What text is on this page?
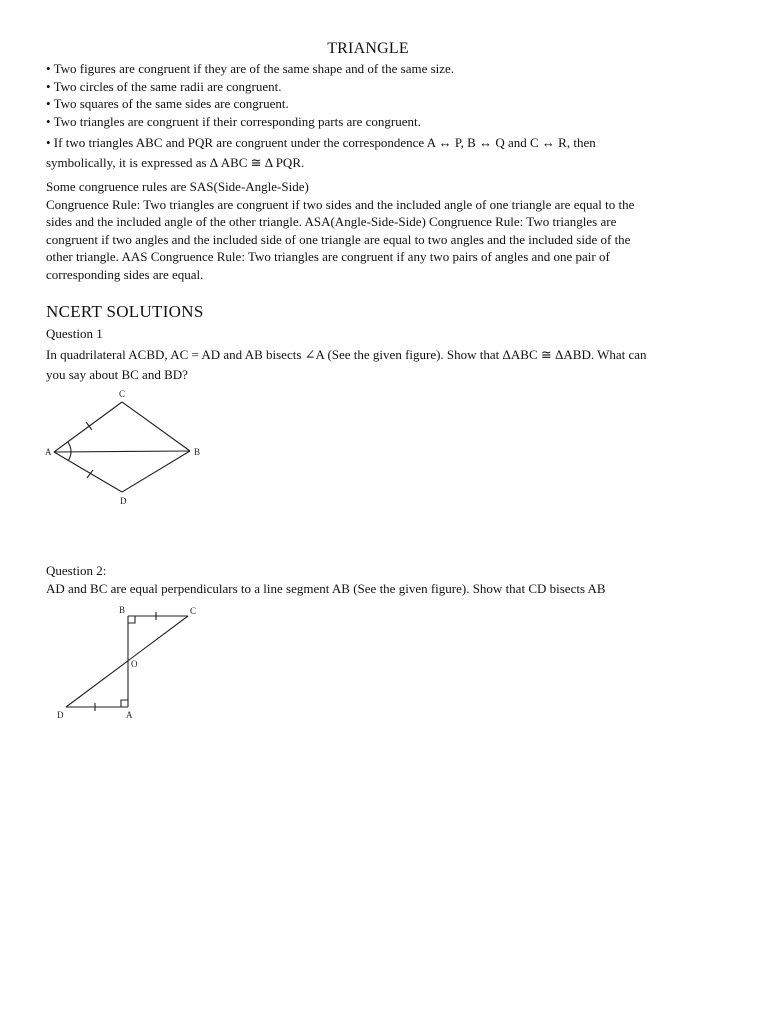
TRIANGLE
• Two figures are congruent if they are of the same shape and of the same size.
• Two circles of the same radii are congruent.
• Two squares of the same sides are congruent.
• Two triangles are congruent if their corresponding parts are congruent.
• If two triangles ABC and PQR are congruent under the correspondence A ↔ P, B ↔ Q and C ↔ R, then
symbolically, it is expressed as Δ ABC ≅ Δ PQR.
Some congruence rules are SAS(Side-Angle-Side)
Congruence Rule: Two triangles are congruent if two sides and the included angle of one triangle are equal to the
sides and the included angle of the other triangle. ASA(Angle-Side-Side) Congruence Rule: Two triangles are
congruent if two angles and the included side of one triangle are equal to two angles and the included side of the
other triangle. AAS Congruence Rule: Two triangles are congruent if any two pairs of angles and one pair of
corresponding sides are equal.
NCERT SOLUTIONS
Question 1
In quadrilateral ACBD, AC = AD and AB bisects ∠A (See the given figure). Show that ΔABC ≅ ΔABD. What can
you say about BC and BD?
A	B
C
D
Question 2:
AD and BC are equal perpendiculars to a line segment AB (See the given figure). Show that CD bisects AB
B	C
O
D	A
